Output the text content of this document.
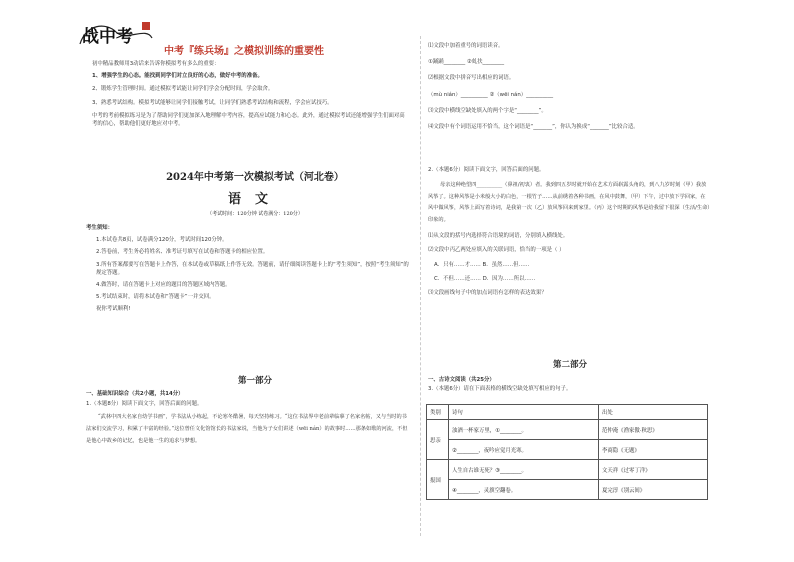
战中考
中考『练兵场』之模拟训练的重要性
初中精品教师用3动话来告诉你模拟考有多么的重要：
1、增强学生的心态。能找到同学们对立良好的心态，做好中考的准备。
2、锻炼学生管理时间。通过模拟考试能让同学们学会分配时间，学会取舍。
3、熟悉考试结构。模拟考试能够让同学们接触考试，让同学们熟悉考试结构和流程，学会应试技巧。
中考的考前模拟练习是为了帮助同学们更加深入地理解中考内容，提高应试能力和心态。此外，通过模拟考试还能增强学生们面对高考的信心，帮助他们更好地应对中考。
2024年中考第一次模拟考试（河北卷）
语文
（考试时间：120分钟 试卷满分：120分）
考生须知：
1.本试卷共8页，试卷满分120分，考试时间120分钟。
2.答卷前，考生务必将姓名、准考证号填写在试卷和答题卡的相应位置。
3.所有答案都要写在答题卡上作答，在本试卷或草稿纸上作答无效。答题前，请仔细阅读答题卡上的“考生须知”，按照“考生须知”的规定答题。
4.做答时，请在答题卡上对应的题目的答题区域内答题。
5.考试结束时，请将本试卷和“答题卡”一并交回。
祝你考试顺利!
第一部分
一、基础知识综合（共2小题，共14分）
1.（本题8分）阅读下面文字，回答后面的问题。
“武林中四大名家自幼学书画”，学书法从小练起，不论寒冬酷暑，每天坚持练习。“这位书法界中老前辈临摹了名家名帖，又与当时的书法家们交流学习，积累了丰富的经验。”这位曾任文化馆馆长的书法家说，当他为子女们讲述（wēi nán）的故事时……那条如歌的河流，不但是他心中故乡的记忆，也是他一生的追求与梦想。
⑴文段中加着重号的词语读音。
①踊踊________ ②虬扶________
⑵根据文段中拼音写出相应的词语。
（mù nián）__________ ②（wēi nán）__________
⑶文段中横线空缺处填入的两个字是“________”。
⑷文段中有个词语运用不恰当，这个词语是“_______”，你认为换成“_______”比较合适。
2.（本题6分）阅读下面文字，回答后面的问题。
母亲这种绝望四__________（鼻祖/初衷）者。我到四五岁时就开始在艺术方面崭露头角的，到八九岁时刻（甲）我放风筝了。这种风筝是小米般大小的白色，一根竹子……从前绣着各种书画，在风中鼓舞，（甲）下午，过中放下学回家，在风中做风筝，风筝上面写着诗词，是我第一次（乙）放风筝回来到家里。（丙）这个时期的风筝是给我留下很深（生活/生命）印象的。
⑴从文段的括号内选择符合语境的词语，分别填入横线处。
⑵文段中丙乙两处应填入的关联词语，恰当的一项是（ ）
A．只有……才…… B．虽然……但……
C．不但……还…… D．因为……所以……
⑶文段画线句子中的加点词语有怎样的表达效果？
第二部分
一、古诗文阅读（共25分）
3.（本题6分）请在下面表格的横线空缺处填写相应的句子。
类别	诗句	出处
思亲	浊酒一杯家万里，①________。	范仲淹《渔家傲·秋思》
	②________，夜吟应觉月光寒。	李商隐《无题》
报国	人生自古谁无死？③________。	文天祥《过零丁洋》
	④________，灵旗空翻卷。	夏完淳《别云间》
